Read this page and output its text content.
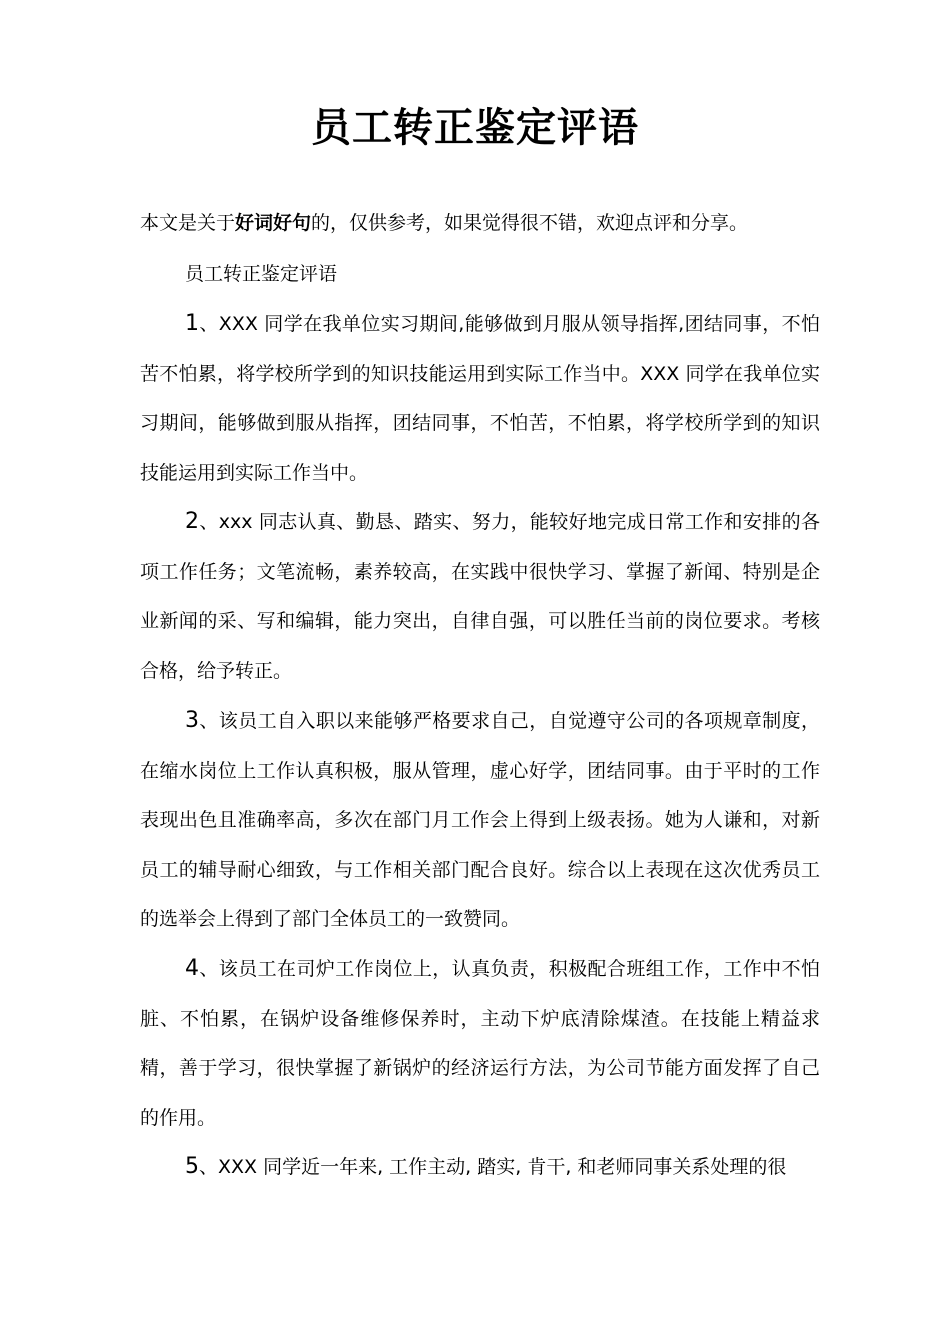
员工转正鉴定评语
本文是关于好词好句的，仅供参考，如果觉得很不错，欢迎点评和分享。
员工转正鉴定评语
1、XXX 同学在我单位实习期间,能够做到月服从领导指挥,团结同事，不怕苦不怕累，将学校所学到的知识技能运用到实际工作当中。XXX 同学在我单位实习期间，能够做到服从指挥，团结同事，不怕苦，不怕累，将学校所学到的知识技能运用到实际工作当中。
2、xxx 同志认真、勤恳、踏实、努力，能较好地完成日常工作和安排的各项工作任务；文笔流畅，素养较高，在实践中很快学习、掌握了新闻、特别是企业新闻的采、写和编辑，能力突出，自律自强，可以胜任当前的岗位要求。考核合格，给予转正。
3、该员工自入职以来能够严格要求自己，自觉遵守公司的各项规章制度，在缩水岗位上工作认真积极，服从管理，虚心好学，团结同事。由于平时的工作表现出色且准确率高，多次在部门月工作会上得到上级表扬。她为人谦和，对新员工的辅导耐心细致，与工作相关部门配合良好。综合以上表现在这次优秀员工的选举会上得到了部门全体员工的一致赞同。
4、该员工在司炉工作岗位上，认真负责，积极配合班组工作，工作中不怕脏、不怕累，在锅炉设备维修保养时，主动下炉底清除煤渣。在技能上精益求精，善于学习，很快掌握了新锅炉的经济运行方法，为公司节能方面发挥了自己的作用。
5、XXX 同学近一年来, 工作主动, 踏实, 肯干, 和老师同事关系处理的很
